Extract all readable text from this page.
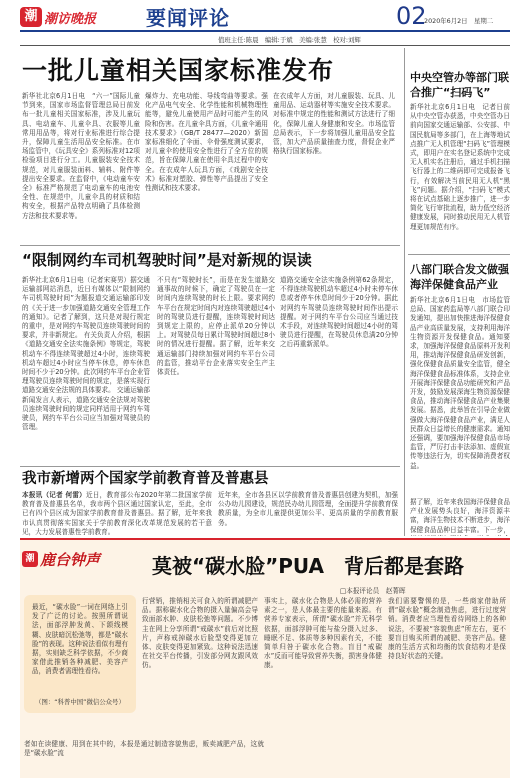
潮 潮访晚报 要闻评论	02
2020年6月2日　星期二
值班主任:陈晨　编辑:于斌　美编:张慧　校对:刘辉
一批儿童相关国家标准发布
新华社北京6月1日电　“六一”国际儿童节到来，国家市场监督管理总局日前发布一批儿童相关国家标准，涉及儿童玩具、电动童车、儿童伞具、衣服等儿童常用用品等，将对行业标准进行综合提升，保障儿童生活用品安全标准。在市场监管中，《玩具安全》系列标准对12项检验项目进行分工。儿童服装安全技术规范，对儿童服装面料、辅料、附件等提出安全要求。在监督中，《电动童车安全》标准严格规范了电动童车的电池安全性、在规范中，儿童伞具的材质和结构安全，根据产品特点明确了具体检测方法和技术要求等。
爆炸力、充电功能、导线弯曲等要求。强化产品电气安全、化学性能和机械物理性能等，避免儿童使用产品时可能产生的风险和伤害。在儿童伞具方面，《儿童伞通用技术要求》（GB/T 28477—2020）新国家标准细化了伞面、伞骨强度测试要求，对儿童伞的使用安全性进行了全方位的规范，旨在保障儿童在使用伞具过程中的安全。在衣成年人玩具方面，《戏剧安全技术》标准对塑胶、弹性等产品提出了安全性测试和技术要求。
在衣成年人方面，对儿童服装、玩具、儿童用品、运动器材等实施安全技术要求。对标准中规定的性能和测试方法进行了细化，保障儿童人身健康和安全。市场监管总局表示，下一步将加强儿童用品安全监管，加大产品质量抽查力度，督促企业严格执行国家标准。
“限制网约车司机驾驶时间”是对新规的误读
新华社北京6月1日电（记者宋赛男）据交通运输部网站消息，近日有媒体以“限制网约车司机驾驶时间”为题报道交通运输部印发的《关于进一步加强道路交通安全管理工作的通知》。记者了解到，这只是对现行规定的重申，是对网约车驾驶员连续驾驶时间的要求，并非新规定。 有关负责人介绍，根据《道路交通安全法实施条例》等规定，驾驶机动车不得连续驾驶超过4小时，连续驾驶机动车超过4小时应当停车休息，停车休息时间不少于20分钟。此次网约车平台企业管理驾驶员连续驾驶时间的规定，是落实现行道路交通安全法规的具体要求。 交通运输部新闻发言人表示，道路交通安全法规对驾驶员连续驾驶时间的规定同样适用于网约车驾驶员，网约车平台公司应当加强对驾驶员的管理。
不只有“驾驶时长”，而是在发生道路交通事故的时候下，确定了驾驶员在一定时间内连续驾驶的时长上限。要求网约车平台在规定时间内对连续驾驶超过4小时的驾驶员进行提醒，连续驾驶时间达到规定上限的，应停止派单20分钟以上。对驾驶员每日累计驾驶时间超过8小时的情况进行提醒。据了解，近年来交通运输部门持续加强对网约车平台公司的监管，推动平台企业落实安全生产主体责任。
道路交通安全法实施条例第62条规定，不得连续驾驶机动车超过4小时未停车休息或者停车休息时间少于20分钟。据此对网约车驾驶员连续驾驶时间作出提示提醒。对于网约车平台公司应当通过技术手段，对连续驾驶时间超过4小时的驾驶员进行提醒，在驾驶员休息满20分钟之后再重新派单。
我市新增两个国家学前教育普及普惠县
本报讯（记者 何雷）近日，教育部公布2020年第二批国家学前教育普及普惠县名单，我市两个县区通过国家认定，至此，全市已有四个县区成为国家学前教育普及普惠县。据了解，近年来我市认真贯彻落实国家关于学前教育深化改革规范发展的若干意见，大力发展普惠性学前教育。
近年来，全市各县区以学前教育普及普惠县创建为契机，加强公办幼儿园建设，规范民办幼儿园管理，全面提升学前教育保教质量，为全市儿童提供更加公平、更高质量的学前教育服务。
中央空管办等部门联合推广“扫码飞”
新华社北京6月1日电　记者日前从中央空管办获悉，中央空管办日前向国家交通运输部、公安部、中国民航局等多部门，在上海等地试点推广无人机管理“扫码飞”管理模式，即用户在实名登记系统中完成无人机实名注册后，通过手机扫描飞行器上的二维码即可完成报备飞行，有效解决当前民用无人机“黑飞”问题。据介绍，“扫码飞”模式将在试点基础上逐步推广，进一步简化飞行审批流程，助力低空经济健康发展，同时推动民用无人机管理更加规范有序。
八部门联合发文做强海洋保健食品产业
新华社北京6月1日电　市场监管总局、国家药监局等八部门联合印发通知，提出加快推进海洋保健食品产业高质量发展，支持利用海洋生物资源开发保健食品。通知要求，加强海洋保健食品原料开发利用，推动海洋保健食品研发创新，强化保健食品质量安全监管，健全海洋保健食品标准体系，支持企业开展海洋保健食品功能研究和产品开发，鼓励发展深海生物资源保健食品，推动海洋保健食品产业集聚发展。据悉，此举旨在引导企业做强做大海洋保健食品产业，满足人民群众日益增长的健康需求。通知还强调，要加强海洋保健食品市场监管，严厉打击非法添加、虚假宣传等违法行为，切实保障消费者权益。
据了解，近年来我国海洋保健食品产业发展势头良好，海洋资源丰富，海洋生物技术不断进步，海洋保健食品品种日益丰富。下一步，
潮 鹿台钟声	莫被“碳水脸”PUA　背后都是套路
□本报评论员　赵菁晖
最近，“碳水脸”一词在网络上引发了广泛的讨论。按照所谓说法，面部浮肿发黄、下颌线模糊、皮肤暗沉松弛等，都是“碳水脸”的表现。这种说法看似有理有据，实则缺乏科学依据，不少商家借此推销各种减肥、美容产品，消费者需理性看待。
（图：“科普中国”微信公众号）
行营销，推销相关可食入的所谓减肥产品。据称碳水化合物的摄入量偏高会导致面部水肿、皮肤松弛等问题。不少博主在网上分享所谓“戒碳水”前后对比照片，声称戒掉碳水后脸型变得更加立体、皮肤变得更加紧致。这种说法迅速在社交平台传播，引发部分网友跟风效仿。
事实上，碳水化合物是人体必需的营养素之一，是人体最主要的能量来源。有营养专家表示，所谓“碳水脸”并无科学依据，面部浮肿可能与盐分摄入过多、睡眠不足、体质等多种因素有关，不能简单归咎于碳水化合物。盲目“戒碳水”反而可能导致营养失衡，损害身体健康。
我们需要警惕的是，一些商家借助所谓“碳水脸”概念制造焦虑，进行过度营销。消费者应当理性看待网络上的各种说法，不要被“容貌焦虑”所左右，更不要盲目购买所谓的减肥、美容产品。健康的生活方式和均衡的饮食结构才是保持良好状态的关键。
者如在读健康、用到在其中的，本报是通过制造容貌焦虑，贩卖减肥产品，这就是“碳水脸”流
